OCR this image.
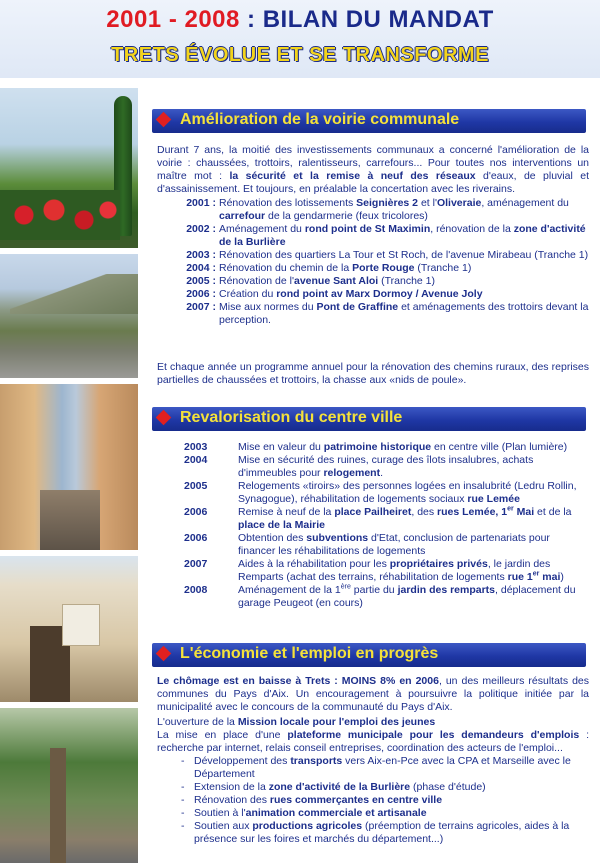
2001 - 2008 : BILAN DU MANDAT
TRETS ÉVOLUE ET SE TRANSFORME
Amélioration de la voirie communale
Durant 7 ans, la moitié des investissements communaux a concerné l'amélioration de la voirie : chaussées, trottoirs, ralentisseurs, carrefours... Pour toutes nos interventions un maître mot : la sécurité et la remise à neuf des réseaux d'eaux, de pluvial et d'assainissement. Et toujours, en préalable la concertation avec les riverains.
2001 : Rénovation des lotissements Seignières 2 et l'Oliveraie, aménagement du carrefour de la gendarmerie (feux tricolores)
2002 : Aménagement du rond point de St Maximin, rénovation de la zone d'activité de la Burlière
2003 : Rénovation des quartiers La Tour et St Roch, de l'avenue Mirabeau (Tranche 1)
2004 : Rénovation du chemin de la Porte Rouge (Tranche 1)
2005 : Rénovation de l'avenue Sant Aloi (Tranche 1)
2006 : Création du rond point av Marx Dormoy / Avenue Joly
2007 : Mise aux normes du Pont de Graffine et aménagements des trottoirs devant la perception.
Et chaque année un programme annuel pour la rénovation des chemins ruraux, des reprises partielles de chaussées et trottoirs, la chasse aux «nids de poule».
Revalorisation du centre ville
2003	Mise en valeur du patrimoine historique en centre ville (Plan lumière)
2004	Mise en sécurité des ruines, curage des îlots insalubres, achats d'immeubles pour relogement.
2005	Relogements «tiroirs» des personnes logées en insalubrité (Ledru Rollin, Synagogue), réhabilitation de logements sociaux rue Lemée
2006	Remise à neuf de la place Pailheiret, des rues Lemée, 1er Mai et de la place de la Mairie
2006	Obtention des subventions d'Etat, conclusion de partenariats pour financer les réhabilitations de logements
2007	Aides à la réhabilitation pour les propriétaires privés, le jardin des Remparts (achat des terrains, réhabilitation de logements rue 1er mai)
2008	Aménagement de la 1ère partie du jardin des remparts, déplacement du garage Peugeot (en cours)
L'économie et l'emploi en progrès
Le chômage est en baisse à Trets : MOINS 8% en 2006, un des meilleurs résultats des communes du Pays d'Aix. Un encouragement à poursuivre la politique initiée par la municipalité avec le concours de la communauté du Pays d'Aix.
L'ouverture de la Mission locale pour l'emploi des jeunes
La mise en place d'une plateforme municipale pour les demandeurs d'emplois : recherche par internet, relais conseil entreprises, coordination des acteurs de l'emploi...
- Développement des transports vers Aix-en-Pce avec la CPA et Marseille avec le Département
- Extension de la zone d'activité de la Burlière (phase d'étude)
- Rénovation des rues commerçantes en centre ville
- Soutien à l'animation commerciale et artisanale
- Soutien aux productions agricoles (préemption de terrains agricoles, aides à la présence sur les foires et marchés du département...)
